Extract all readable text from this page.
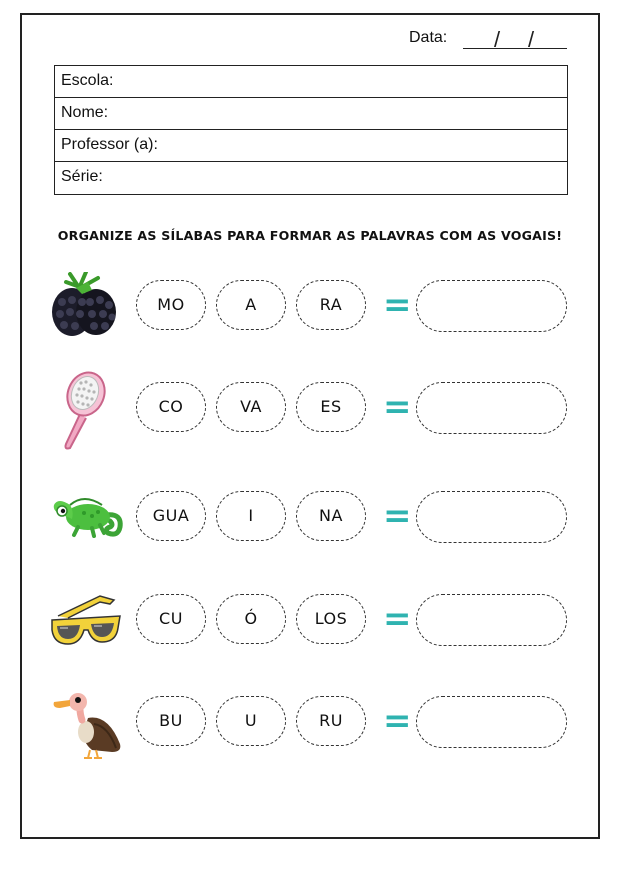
Data: / /
Escola:
Nome:
Professor (a):
Série:
ORGANIZE AS SÍLABAS PARA FORMAR AS PALAVRAS COM AS VOGAIS!
MO	A	RA	=
CO	VA	ES	=
GUA	I	NA	=
CU	Ó	LOS	=
BU	U	RU	=
